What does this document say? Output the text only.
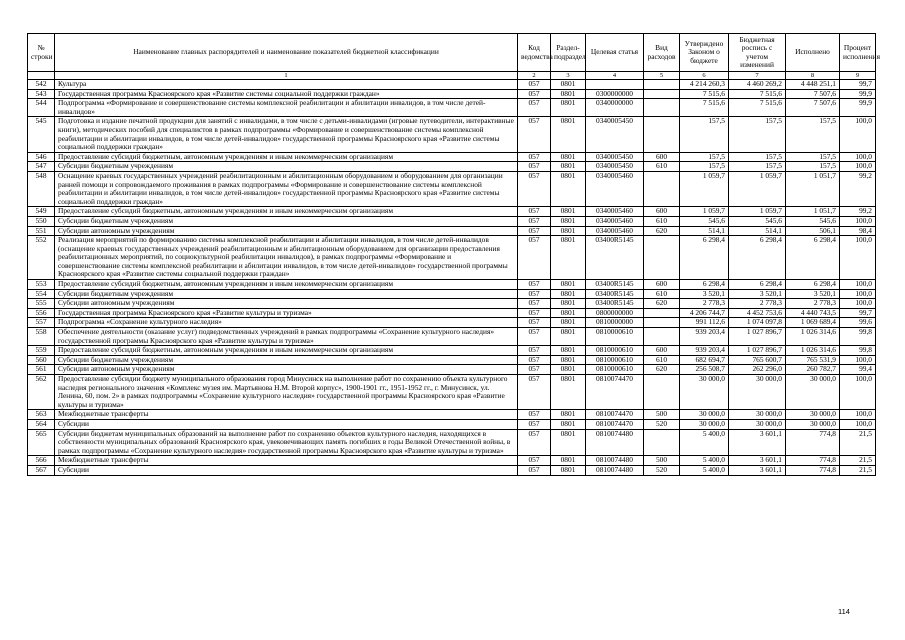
№ строки	Наименование главных распорядителей и наименование показателей бюджетной классификации	Код ведомства	Раздел-подраздел	Целевая статья	Вид расходов	Утверждено Законом о бюджете	Бюджетная роспись с учетом изменений	Исполнено	Процент исполнения
	1	2	3	4	5	6	7	8	9
542	Культура	057	0801			4 214 260,3	4 460 269,2	4 448 251,1	99,7
543	Государственная программа Красноярского края «Развитие системы социальной поддержки граждан»	057	0801	0300000000		7 515,6	7 515,6	7 507,6	99,9
544	Подпрограмма «Формирование и совершенствование системы комплексной реабилитации и абилитации инвалидов, в том числе детей-инвалидов»	057	0801	0340000000		7 515,6	7 515,6	7 507,6	99,9
545	Подготовка и издание печатной продукции для занятий с инвалидами, в том числе с детьми-инвалидами (игровые путеводители, интерактивные книги), методических пособий для специалистов в рамках подпрограммы «Формирование и совершенствование системы комплексной реабилитации и абилитации инвалидов, в том числе детей-инвалидов» государственной программы Красноярского края «Развитие системы социальной поддержки граждан»	057	0801	0340005450		157,5	157,5	157,5	100,0
546	Предоставление субсидий бюджетным, автономным учреждениям и иным некоммерческим организациям	057	0801	0340005450	600	157,5	157,5	157,5	100,0
547	Субсидии бюджетным учреждениям	057	0801	0340005450	610	157,5	157,5	157,5	100,0
548	Оснащение краевых государственных учреждений реабилитационным и абилитационным оборудованием и оборудованием для организации ранней помощи и сопровождаемого проживания в рамках подпрограммы «Формирование и совершенствование системы комплексной реабилитации и абилитации инвалидов, в том числе детей-инвалидов» государственной программы Красноярского края «Развитие системы социальной поддержки граждан»	057	0801	0340005460		1 059,7	1 059,7	1 051,7	99,2
549	Предоставление субсидий бюджетным, автономным учреждениям и иным некоммерческим организациям	057	0801	0340005460	600	1 059,7	1 059,7	1 051,7	99,2
550	Субсидии бюджетным учреждениям	057	0801	0340005460	610	545,6	545,6	545,6	100,0
551	Субсидии автономным учреждениям	057	0801	0340005460	620	514,1	514,1	506,1	98,4
552	Реализация мероприятий по формированию системы комплексной реабилитации и абилитации инвалидов, в том числе детей-инвалидов (оснащение краевых государственных учреждений реабилитационным и абилитационным оборудованием для организации предоставления реабилитационных мероприятий, по социокультурной реабилитации инвалидов), в рамках подпрограммы «Формирование и совершенствование системы комплексной реабилитации и абилитации инвалидов, в том числе детей-инвалидов» государственной программы Красноярского края «Развитие системы социальной поддержки граждан»	057	0801	03400R5145		6 298,4	6 298,4	6 298,4	100,0
553	Предоставление субсидий бюджетным, автономным учреждениям и иным некоммерческим организациям	057	0801	03400R5145	600	6 298,4	6 298,4	6 298,4	100,0
554	Субсидии бюджетным учреждениям	057	0801	03400R5145	610	3 520,1	3 520,1	3 520,1	100,0
555	Субсидии автономным учреждениям	057	0801	03400R5145	620	2 778,3	2 778,3	2 778,3	100,0
556	Государственная программа Красноярского края «Развитие культуры и туризма»	057	0801	0800000000		4 206 744,7	4 452 753,6	4 440 743,5	99,7
557	Подпрограмма «Сохранение культурного наследия»	057	0801	0810000000		991 112,6	1 074 097,8	1 069 689,4	99,6
558	Обеспечение деятельности (оказание услуг) подведомственных учреждений в рамках подпрограммы «Сохранение культурного наследия» государственной программы Красноярского края «Развитие культуры и туризма»	057	0801	0810000610		939 203,4	1 027 896,7	1 026 314,6	99,8
559	Предоставление субсидий бюджетным, автономным учреждениям и иным некоммерческим организациям	057	0801	0810000610	600	939 203,4	1 027 896,7	1 026 314,6	99,8
560	Субсидии бюджетным учреждениям	057	0801	0810000610	610	682 694,7	765 600,7	765 531,9	100,0
561	Субсидии автономным учреждениям	057	0801	0810000610	620	256 508,7	262 296,0	260 782,7	99,4
562	Предоставление субсидии бюджету муниципального образования город Минусинск на выполнение работ по сохранению объекта культурного наследия регионального значения «Комплекс музея им. Мартьянова Н.М. Второй корпус», 1900-1901 гг., 1951-1952 гг., г. Минусинск, ул. Ленина, 60, пом. 2» в рамках подпрограммы «Сохранение культурного наследия» государственной программы Красноярского края «Развитие культуры и туризма»	057	0801	0810074470		30 000,0	30 000,0	30 000,0	100,0
563	Межбюджетные трансферты	057	0801	0810074470	500	30 000,0	30 000,0	30 000,0	100,0
564	Субсидии	057	0801	0810074470	520	30 000,0	30 000,0	30 000,0	100,0
565	Субсидии бюджетам муниципальных образований на выполнение работ по сохранению объектов культурного наследия, находящихся в собственности муниципальных образований Красноярского края, увековечивающих память погибших в годы Великой Отечественной войны, в рамках подпрограммы «Сохранение культурного наследия» государственной программы Красноярского края «Развитие культуры и туризма»	057	0801	0810074480		5 400,0	3 601,1	774,8	21,5
566	Межбюджетные трансферты	057	0801	0810074480	500	5 400,0	3 601,1	774,8	21,5
567	Субсидии	057	0801	0810074480	520	5 400,0	3 601,1	774,8	21,5
114
